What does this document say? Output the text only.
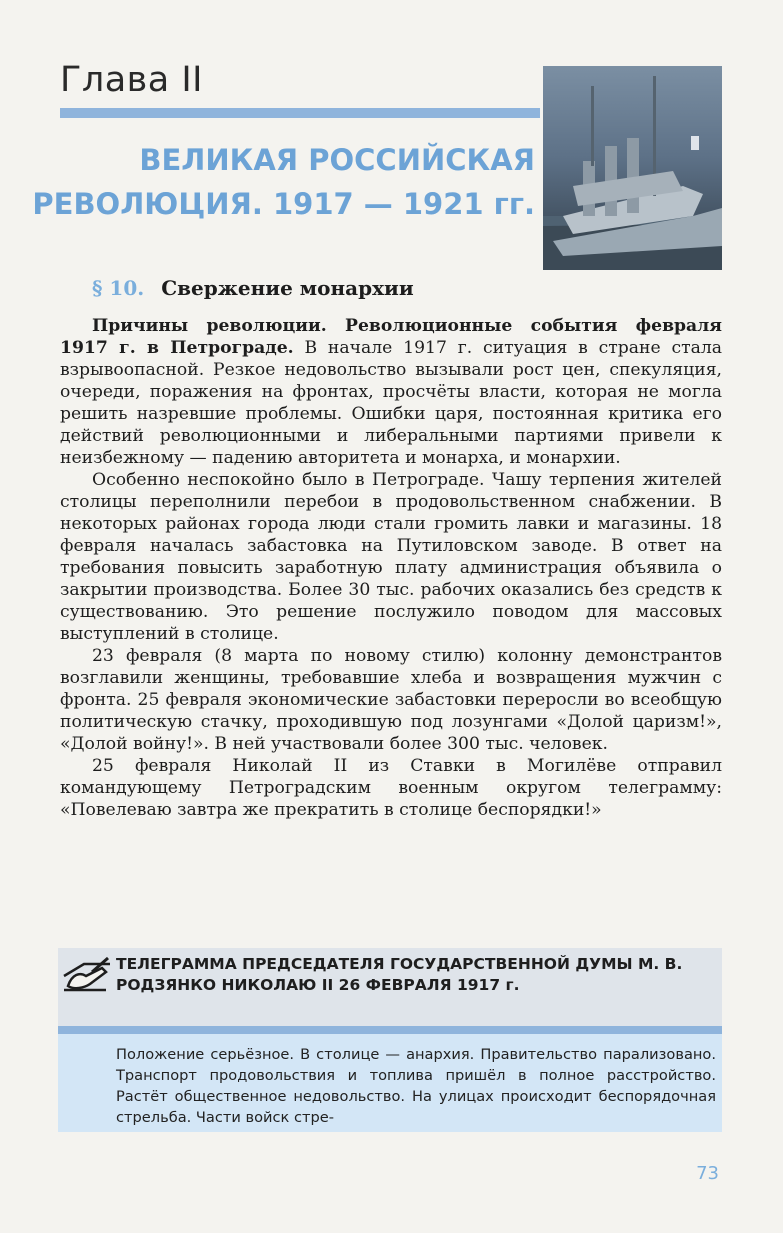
Глава II
ВЕЛИКАЯ РОССИЙСКАЯ
РЕВОЛЮЦИЯ. 1917 — 1921 гг.
§ 10. Свержение монархии

Причины революции. Революционные события февраля 1917 г. в Петрограде. В начале 1917 г. ситуация в стране стала взрывоопасной. Резкое недовольство вызывали рост цен, спекуляция, очереди, поражения на фронтах, просчёты власти, которая не могла решить назревшие проблемы. Ошибки царя, постоянная критика его действий революционными и либеральными партиями привели к неизбежному — падению авторитета и монарха, и монархии.

Особенно неспокойно было в Петрограде. Чашу терпения жителей столицы переполнили перебои в продовольственном снабжении. В некоторых районах города люди стали громить лавки и магазины. 18 февраля началась забастовка на Путиловском заводе. В ответ на требования повысить заработную плату администрация объявила о закрытии производства. Более 30 тыс. рабочих оказались без средств к существованию. Это решение послужило поводом для массовых выступлений в столице.

23 февраля (8 марта по новому стилю) колонну демонстрантов возглавили женщины, требовавшие хлеба и возвращения мужчин с фронта. 25 февраля экономические забастовки переросли во всеобщую политическую стачку, проходившую под лозунгами «Долой царизм!», «Долой войну!». В ней участвовали более 300 тыс. человек.

25 февраля Николай II из Ставки в Могилёве отправил командующему Петроградским военным округом телеграмму: «Повелеваю завтра же прекратить в столице беспорядки!»

ТЕЛЕГРАММА ПРЕДСЕДАТЕЛЯ ГОСУДАРСТВЕННОЙ ДУМЫ М. В. РОДЗЯНКО НИКОЛАЮ II 26 ФЕВРАЛЯ 1917 г.
Положение серьёзное. В столице — анархия. Правительство парализовано. Транспорт продовольствия и топлива пришёл в полное расстройство. Растёт общественное недовольство. На улицах происходит беспорядочная стрельба. Части войск стре-
73
